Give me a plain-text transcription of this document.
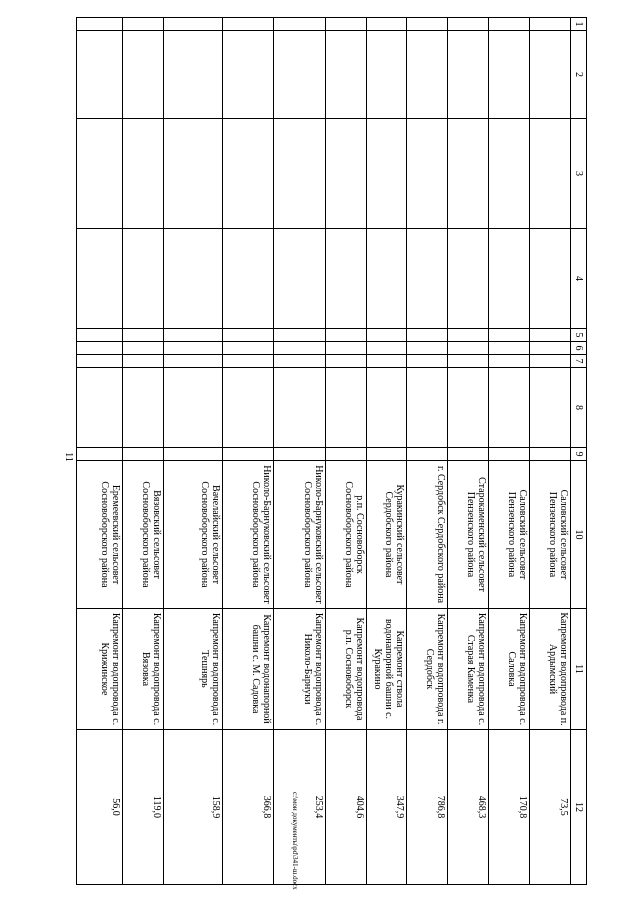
11
1	2	3	4	5	6	7	8	9	10	11	12
									Саловский сельсовет Пензенского района	Капремонт водопровода п. Ардымский	73,5
									Саловский сельсовет Пензенского района	Капремонт водопровода с. Саловка	170,8
									Старокаменский сельсовет Пензенского района	Капремонт водопровода с. Старая Каменка	468,3
									г. Сердобск Сердобского района	Капремонт водопровода г. Сердобск	786,8
									Куракинский сельсовет Сердобского района	Капремонт ствола водонапорной башни с. Куракино	347,9
									р.п. Сосновоборск Сосновоборского района	Капремонт водопровода р.п. Сосновоборск	404,6
									Николо-Барнуковский сельсовет Сосновоборского района	Капремонт водопровода с. Николо-Барнуки	253,4
									Николо-Барнуковский сельсовет Сосновоборского района	Капремонт водонапорной башни с. М. Садовка	366,8
									Вачелайский сельсовет Сосновоборского района	Капремонт водопровода с. Тешнярь	158,9
									Вязовский сельсовет Сосновоборского района	Капремонт водопровода с. Вязовка	119,0
									Еремеевский сельсовет Сосновоборского района	Капремонт водопровода с. Крижинское	56,0	c:\мои документы\pd\341-ш.docx
